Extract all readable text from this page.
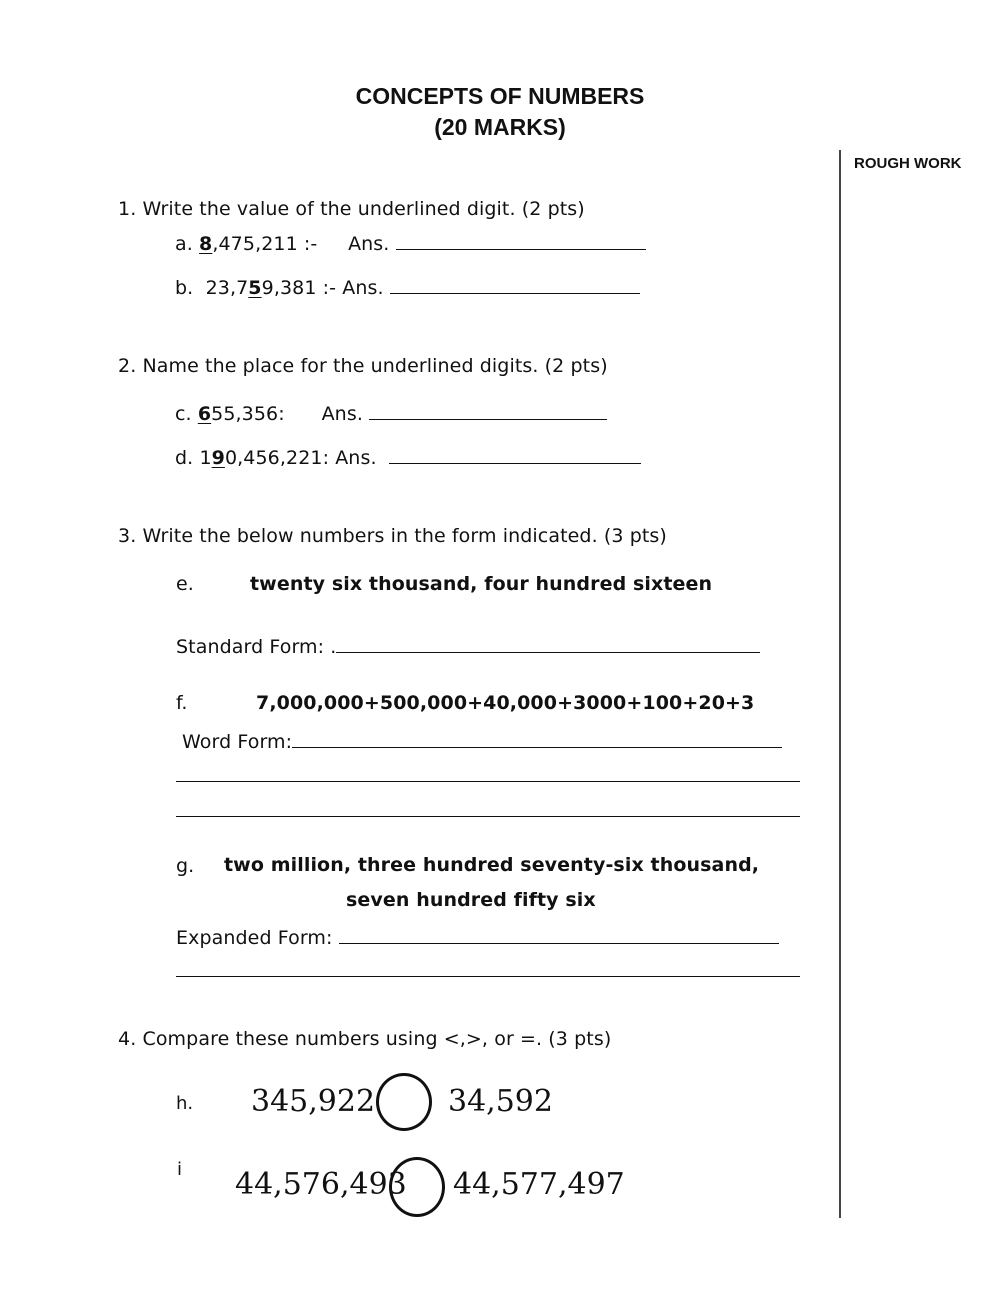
CONCEPTS OF NUMBERS
(20 MARKS)
ROUGH WORK
1. Write the value of the underlined digit. (2 pts)
a. 8,475,211 :-     Ans.
b.  23,759,381 :- Ans.
2. Name the place for the underlined digits. (2 pts)
c. 655,356:      Ans.
d. 190,456,221: Ans.
3. Write the below numbers in the form indicated. (3 pts)
e.	twenty six thousand, four hundred sixteen
Standard Form: .
f.	7,000,000+500,000+40,000+3000+100+20+3
Word Form:
g. two million, three hundred seventy-six thousand,
seven hundred fifty six
Expanded Form:
4. Compare these numbers using <,>, or =. (3 pts)
h. 345,922 34,592
i 44,576,493 44,577,497
